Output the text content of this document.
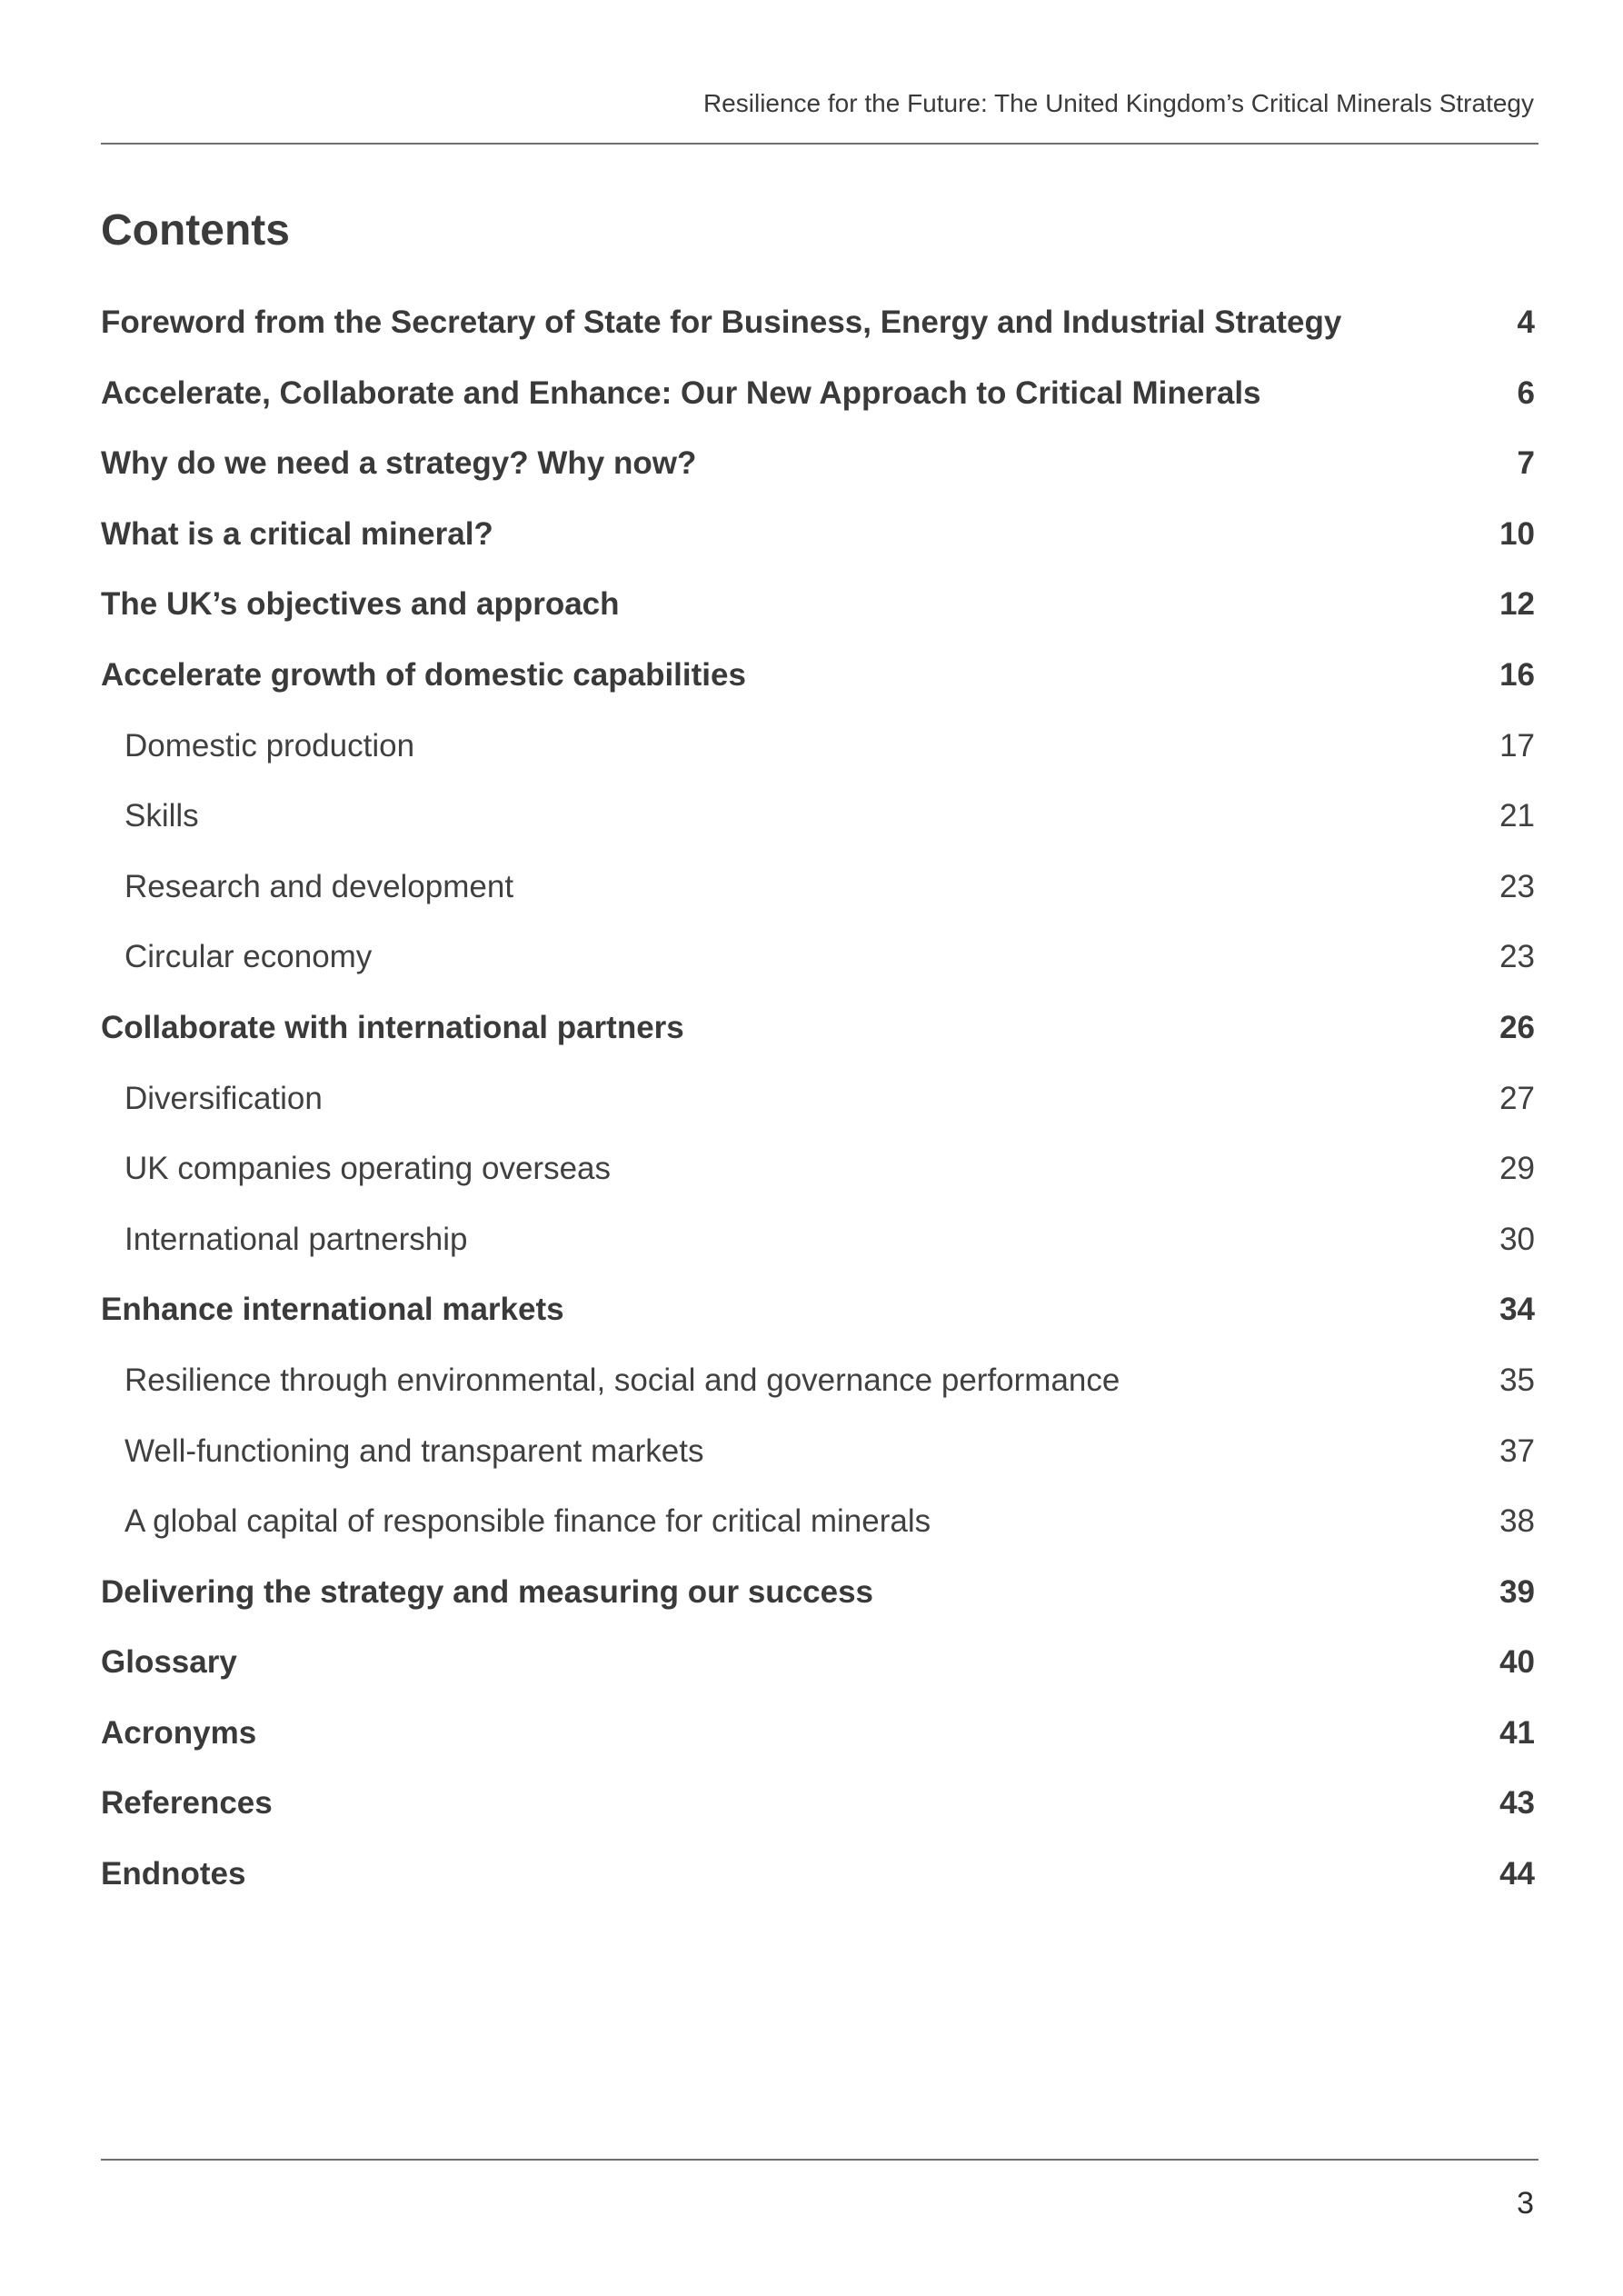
Resilience for the Future: The United Kingdom’s Critical Minerals Strategy
Contents
Foreword from the Secretary of State for Business, Energy and Industrial Strategy	4
Accelerate, Collaborate and Enhance: Our New Approach to Critical Minerals	6
Why do we need a strategy? Why now?	7
What is a critical mineral?	10
The UK’s objectives and approach	12
Accelerate growth of domestic capabilities	16
Domestic production	17
Skills	21
Research and development	23
Circular economy	23
Collaborate with international partners	26
Diversification	27
UK companies operating overseas	29
International partnership	30
Enhance international markets	34
Resilience through environmental, social and governance performance	35
Well-functioning and transparent markets	37
A global capital of responsible finance for critical minerals	38
Delivering the strategy and measuring our success	39
Glossary	40
Acronyms	41
References	43
Endnotes	44
3
